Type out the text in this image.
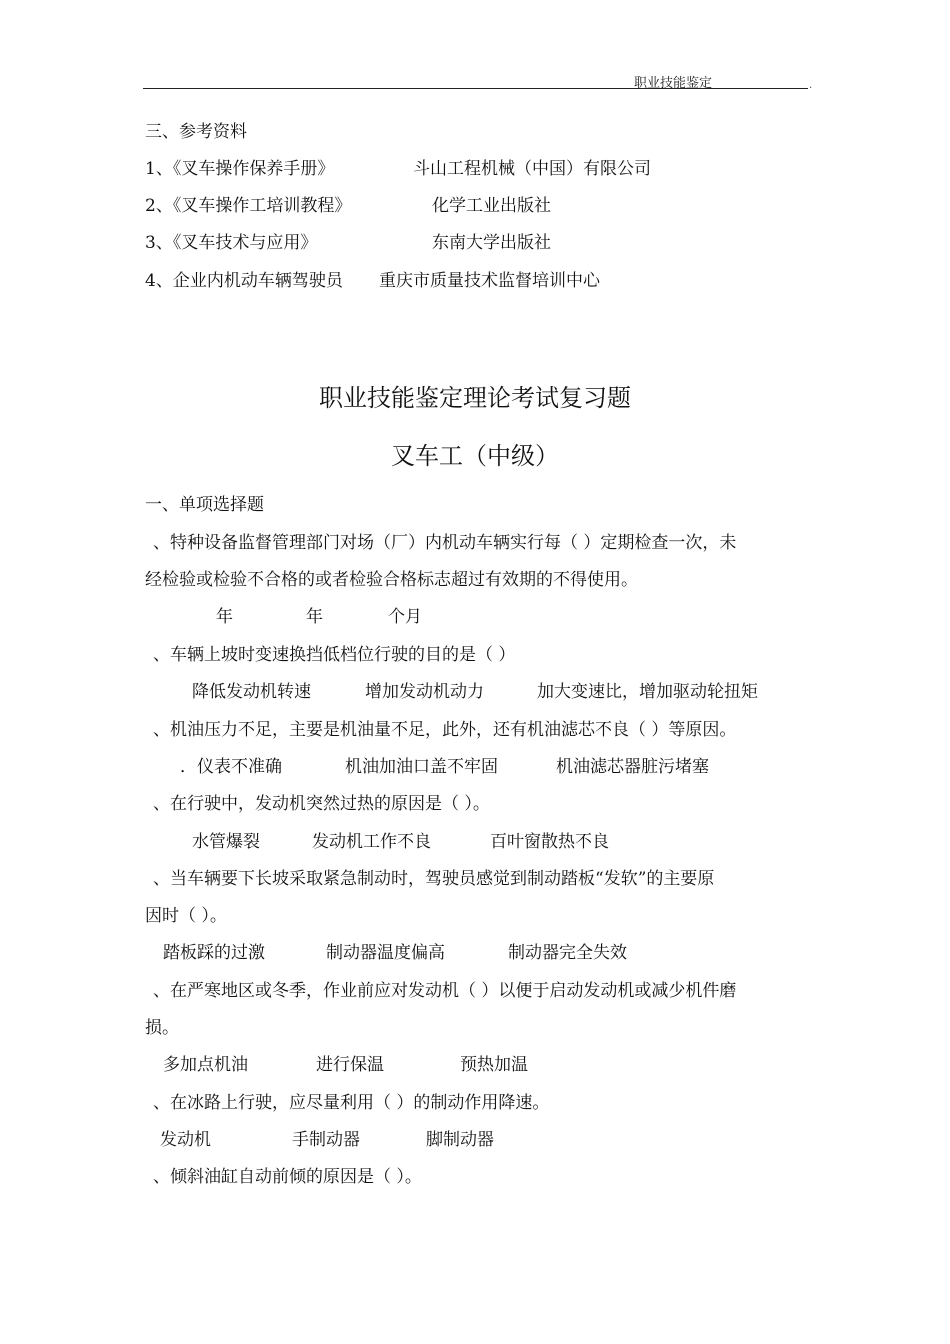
职业技能鉴定	.
三、参考资料
1、《叉车操作保养手册》	斗山工程机械（中国）有限公司
2、《叉车操作工培训教程》	化学工业出版社
3、《叉车技术与应用》	东南大学出版社
4、企业内机动车辆驾驶员 重庆市质量技术监督培训中心
职业技能鉴定理论考试复习题
叉车工（中级）
一、单项选择题
、特种设备监督管理部门对场（厂）内机动车辆实行每（ ）定期检查一次，未
经检验或检验不合格的或者检验合格标志超过有效期的不得使用。
年	年	个月
、车辆上坡时变速换挡低档位行驶的目的是（ ）
降低发动机转速	增加发动机动力	加大变速比，增加驱动轮扭矩
、机油压力不足，主要是机油量不足，此外，还有机油滤芯不良（ ）等原因。
．仪表不准确	机油加油口盖不牢固	机油滤芯器脏污堵塞
、在行驶中，发动机突然过热的原因是（ ）。
水管爆裂	发动机工作不良	百叶窗散热不良
、当车辆要下长坡采取紧急制动时，驾驶员感觉到制动踏板“发软”的主要原
因时（ ）。
踏板踩的过激	制动器温度偏高	制动器完全失效
、在严寒地区或冬季，作业前应对发动机（ ）以便于启动发动机或减少机件磨
损。
多加点机油	进行保温	预热加温
、在冰路上行驶，应尽量利用（ ）的制动作用降速。
发动机	手制动器	脚制动器
、倾斜油缸自动前倾的原因是（ ）。
